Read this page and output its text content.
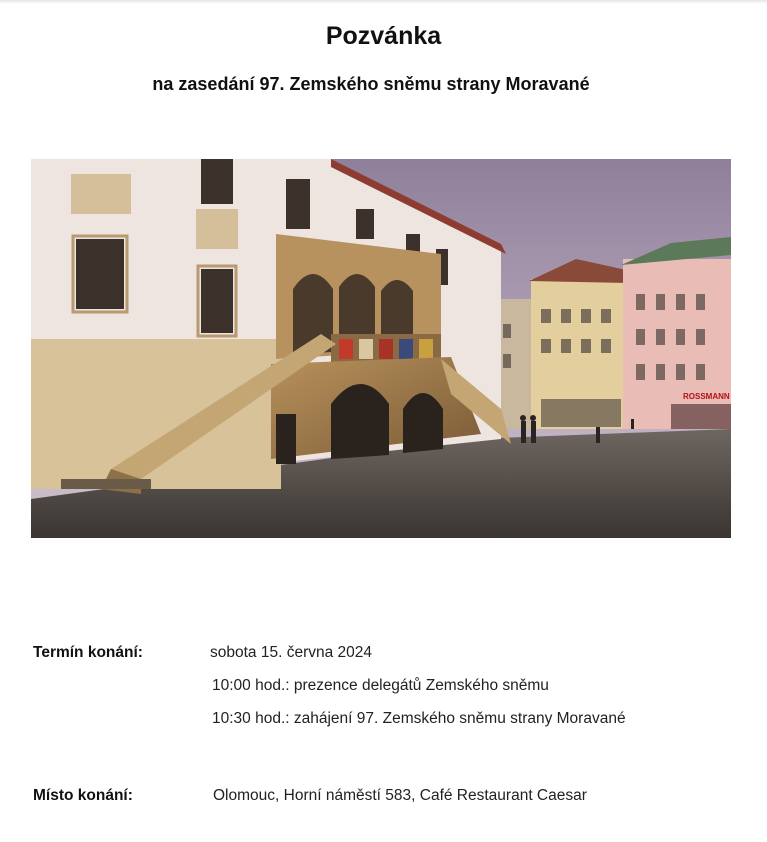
Pozvánka
na zasedání 97. Zemského sněmu strany Moravané
ROSSMANN
Termín konání:	sobota 15. června 2024
10:00 hod.: prezence delegátů Zemského sněmu
10:30 hod.: zahájení 97. Zemského sněmu strany Moravané
Místo konání:	Olomouc, Horní náměstí 583, Café Restaurant Caesar
